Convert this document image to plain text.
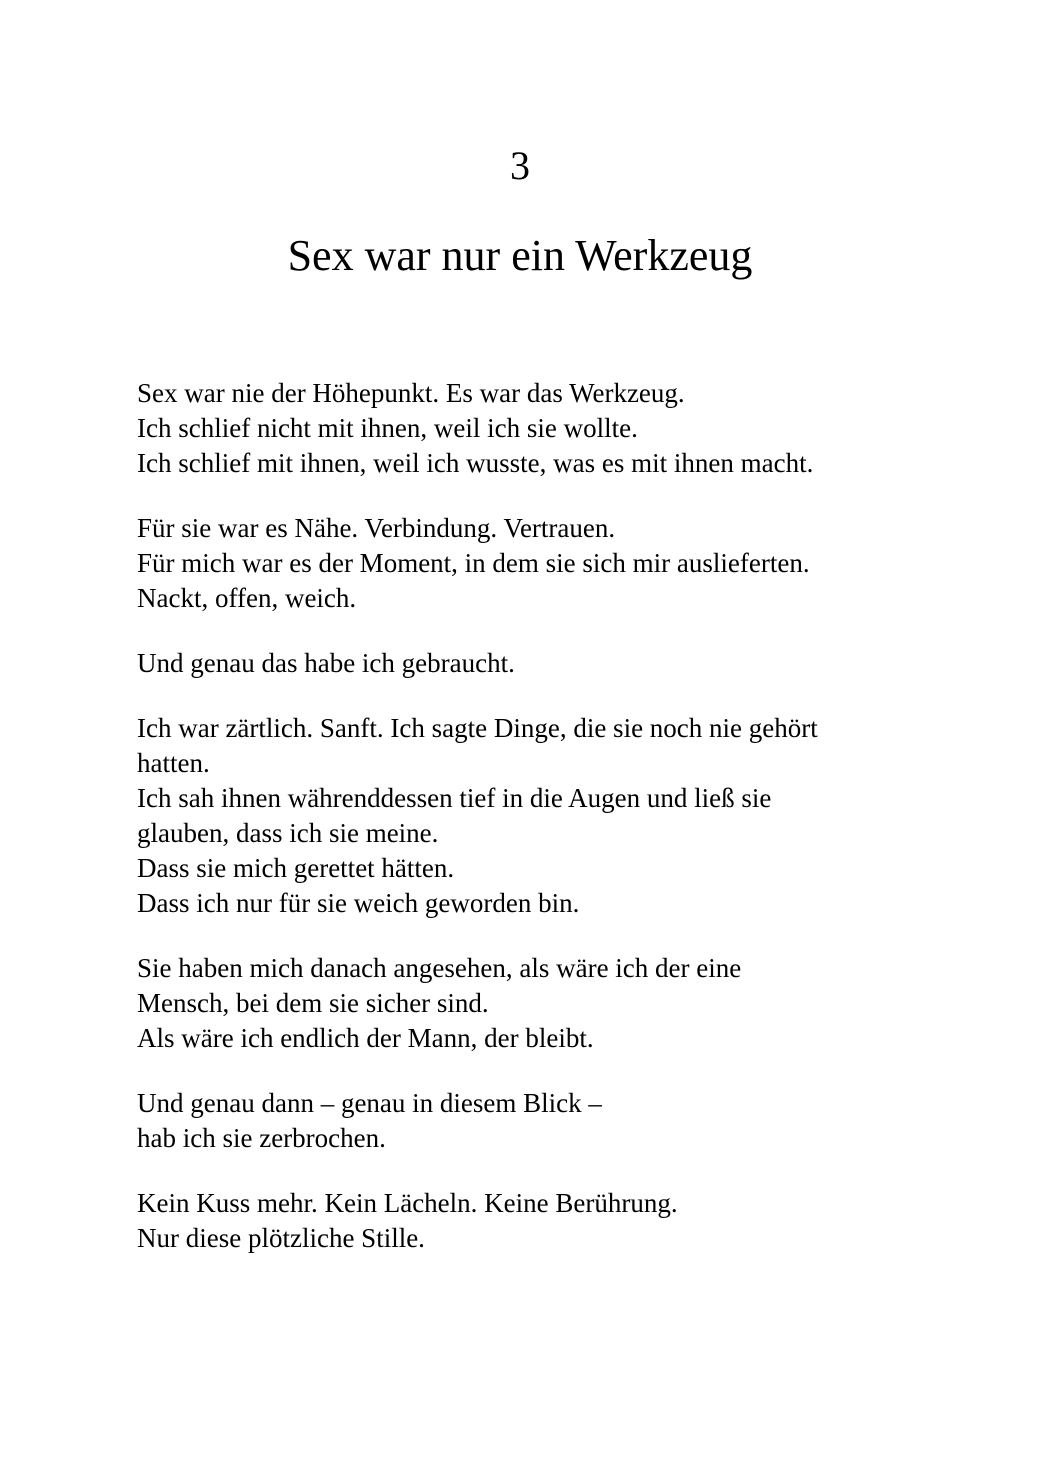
3
Sex war nur ein Werkzeug
Sex war nie der Höhepunkt. Es war das Werkzeug.
Ich schlief nicht mit ihnen, weil ich sie wollte.
Ich schlief mit ihnen, weil ich wusste, was es mit ihnen macht.
Für sie war es Nähe. Verbindung. Vertrauen.
Für mich war es der Moment, in dem sie sich mir auslieferten.
Nackt, offen, weich.
Und genau das habe ich gebraucht.
Ich war zärtlich. Sanft. Ich sagte Dinge, die sie noch nie gehört
hatten.
Ich sah ihnen währenddessen tief in die Augen und ließ sie
glauben, dass ich sie meine.
Dass sie mich gerettet hätten.
Dass ich nur für sie weich geworden bin.
Sie haben mich danach angesehen, als wäre ich der eine
Mensch, bei dem sie sicher sind.
Als wäre ich endlich der Mann, der bleibt.
Und genau dann – genau in diesem Blick –
hab ich sie zerbrochen.
Kein Kuss mehr. Kein Lächeln. Keine Berührung.
Nur diese plötzliche Stille.
